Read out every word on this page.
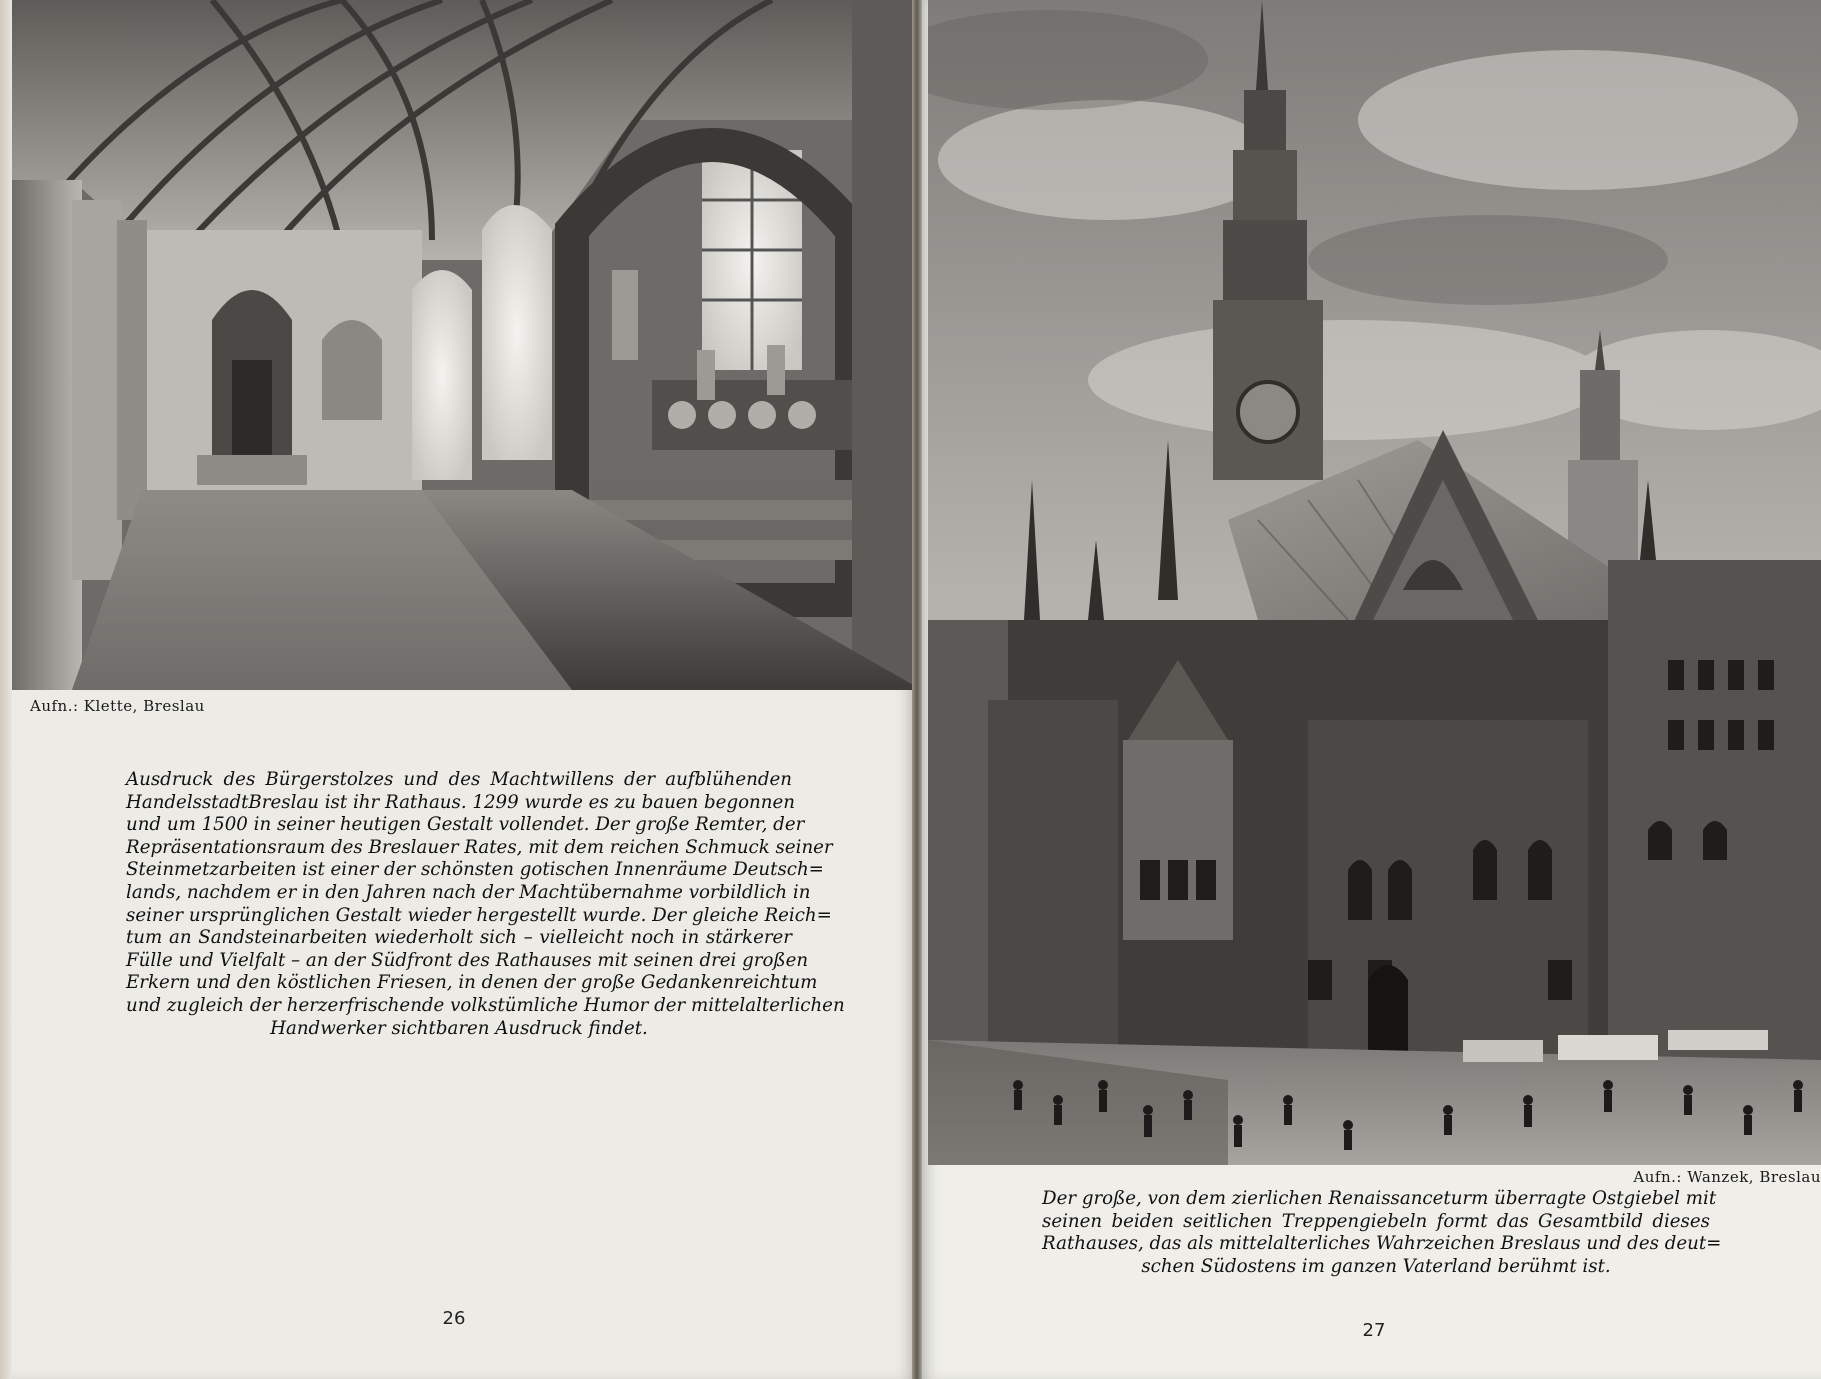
Aufn.: Klette, Breslau
Ausdruck des Bürgerstolzes und des Machtwillens der aufblühenden
HandelsstadtBreslau ist ihr Rathaus. 1299 wurde es zu bauen begonnen
und um 1500 in seiner heutigen Gestalt vollendet. Der große Remter, der
Repräsentationsraum des Breslauer Rates, mit dem reichen Schmuck seiner
Steinmetzarbeiten ist einer der schönsten gotischen Innenräume Deutsch=
lands, nachdem er in den Jahren nach der Machtübernahme vorbildlich in
seiner ursprünglichen Gestalt wieder hergestellt wurde. Der gleiche Reich=
tum an Sandsteinarbeiten wiederholt sich – vielleicht noch in stärkerer
Fülle und Vielfalt – an der Südfront des Rathauses mit seinen drei großen
Erkern und den köstlichen Friesen, in denen der große Gedankenreichtum
und zugleich der herzerfrischende volkstümliche Humor der mittelalterlichen
Handwerker sichtbaren Ausdruck findet.
26
Aufn.: Wanzek, Breslau
Der große, von dem zierlichen Renaissanceturm überragte Ostgiebel mit
seinen beiden seitlichen Treppengiebeln formt das Gesamtbild dieses
Rathauses, das als mittelalterliches Wahrzeichen Breslaus und des deut=
schen Südostens im ganzen Vaterland berühmt ist.
27
